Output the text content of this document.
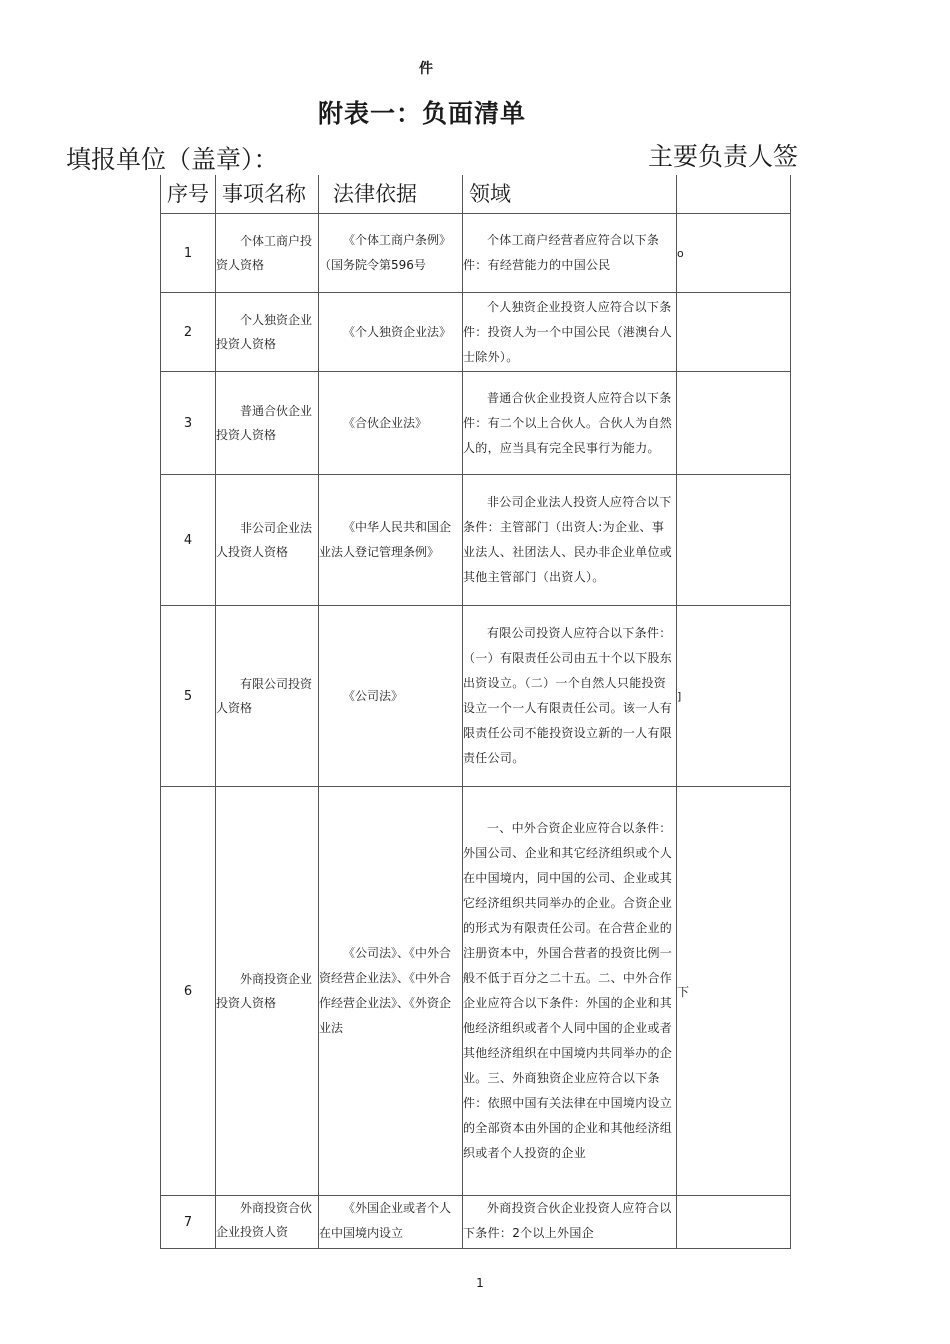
件
附表一：负面清单
填报单位（盖章）：	主要负责人签
序号	事项名称	法律依据	领域	

1	个体工商户投资人资格	《个体工商户条例》（国务院令第596号	个体工商户经营者应符合以下条件：有经营能力的中国公民	o
2	个人独资企业投资人资格	《个人独资企业法》	个人独资企业投资人应符合以下条件：投资人为一个中国公民（港澳台人士除外）。	
3	普通合伙企业投资人资格	《合伙企业法》	普通合伙企业投资人应符合以下条件：有二个以上合伙人。合伙人为自然人的，应当具有完全民事行为能力。	
4	非公司企业法人投资人资格	《中华人民共和国企业法人登记管理条例》	非公司企业法人投资人应符合以下条件：主管部门（出资人:为企业、事业法人、社团法人、民办非企业单位或其他主管部门（出资人）。	
5	有限公司投资人资格	《公司法》	有限公司投资人应符合以下条件：（一）有限责任公司由五十个以下股东出资设立。（二）一个自然人只能投资设立一个一人有限责任公司。该一人有限责任公司不能投资设立新的一人有限责任公司。	]
6	外商投资企业投资人资格	《公司法》、《中外合资经营企业法》、《中外合作经营企业法》、《外资企业法	一、中外合资企业应符合以条件：外国公司、企业和其它经济组织或个人在中国境内，同中国的公司、企业或其它经济组织共同举办的企业。合资企业的形式为有限责任公司。在合营企业的注册资本中，外国合营者的投资比例一般不低于百分之二十五。二、中外合作企业应符合以下条件：外国的企业和其他经济组织或者个人同中国的企业或者其他经济组织在中国境内共同举办的企业。三、外商独资企业应符合以下条件：依照中国有关法律在中国境内设立的全部资本由外国的企业和其他经济组织或者个人投资的企业	下
7	外商投资合伙企业投资人资	《外国企业或者个人在中国境内设立	外商投资合伙企业投资人应符合以下条件：2个以上外国企	

1
